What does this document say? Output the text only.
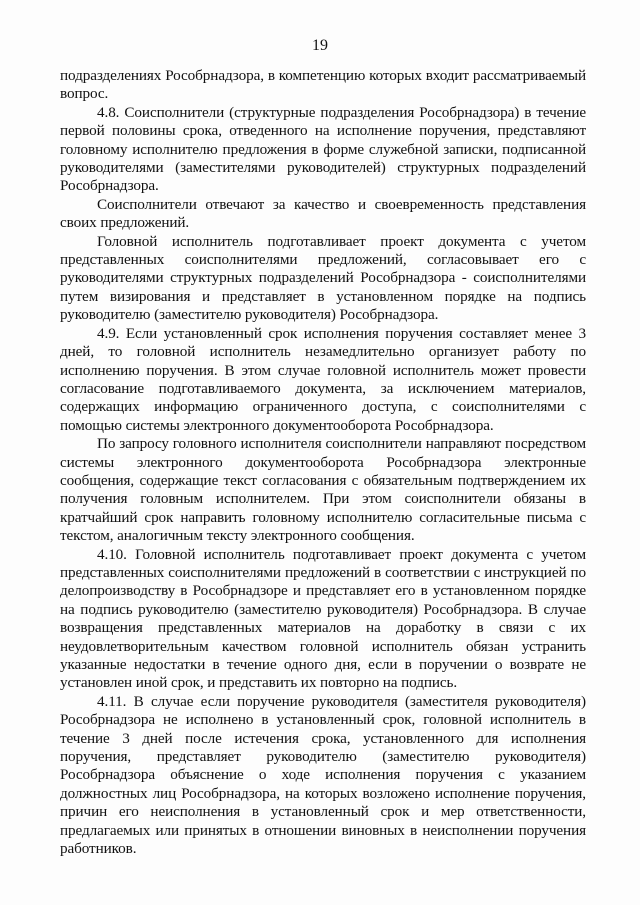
19

подразделениях Рособрнадзора, в компетенцию которых входит рассматриваемый вопрос.

4.8. Соисполнители (структурные подразделения Рособрнадзора) в течение первой половины срока, отведенного на исполнение поручения, представляют головному исполнителю предложения в форме служебной записки, подписанной руководителями (заместителями руководителей) структурных подразделений Рособрнадзора.

Соисполнители отвечают за качество и своевременность представления своих предложений.

Головной исполнитель подготавливает проект документа с учетом представленных соисполнителями предложений, согласовывает его с руководителями структурных подразделений Рособрнадзора - соисполнителями путем визирования и представляет в установленном порядке на подпись руководителю (заместителю руководителя) Рособрнадзора.

4.9. Если установленный срок исполнения поручения составляет менее 3 дней, то головной исполнитель незамедлительно организует работу по исполнению поручения. В этом случае головной исполнитель может провести согласование подготавливаемого документа, за исключением материалов, содержащих информацию ограниченного доступа, с соисполнителями с помощью системы электронного документооборота Рособрнадзора.

По запросу головного исполнителя соисполнители направляют посредством системы электронного документооборота Рособрнадзора электронные сообщения, содержащие текст согласования с обязательным подтверждением их получения головным исполнителем. При этом соисполнители обязаны в кратчайший срок направить головному исполнителю согласительные письма с текстом, аналогичным тексту электронного сообщения.

4.10. Головной исполнитель подготавливает проект документа с учетом представленных соисполнителями предложений в соответствии с инструкцией по делопроизводству в Рособрнадзоре и представляет его в установленном порядке на подпись руководителю (заместителю руководителя) Рособрнадзора. В случае возвращения представленных материалов на доработку в связи с их неудовлетворительным качеством головной исполнитель обязан устранить указанные недостатки в течение одного дня, если в поручении о возврате не установлен иной срок, и представить их повторно на подпись.

4.11. В случае если поручение руководителя (заместителя руководителя) Рособрнадзора не исполнено в установленный срок, головной исполнитель в течение 3 дней после истечения срока, установленного для исполнения поручения, представляет руководителю (заместителю руководителя) Рособрнадзора объяснение о ходе исполнения поручения с указанием должностных лиц Рособрнадзора, на которых возложено исполнение поручения, причин его неисполнения в установленный срок и мер ответственности, предлагаемых или принятых в отношении виновных в неисполнении поручения работников.
